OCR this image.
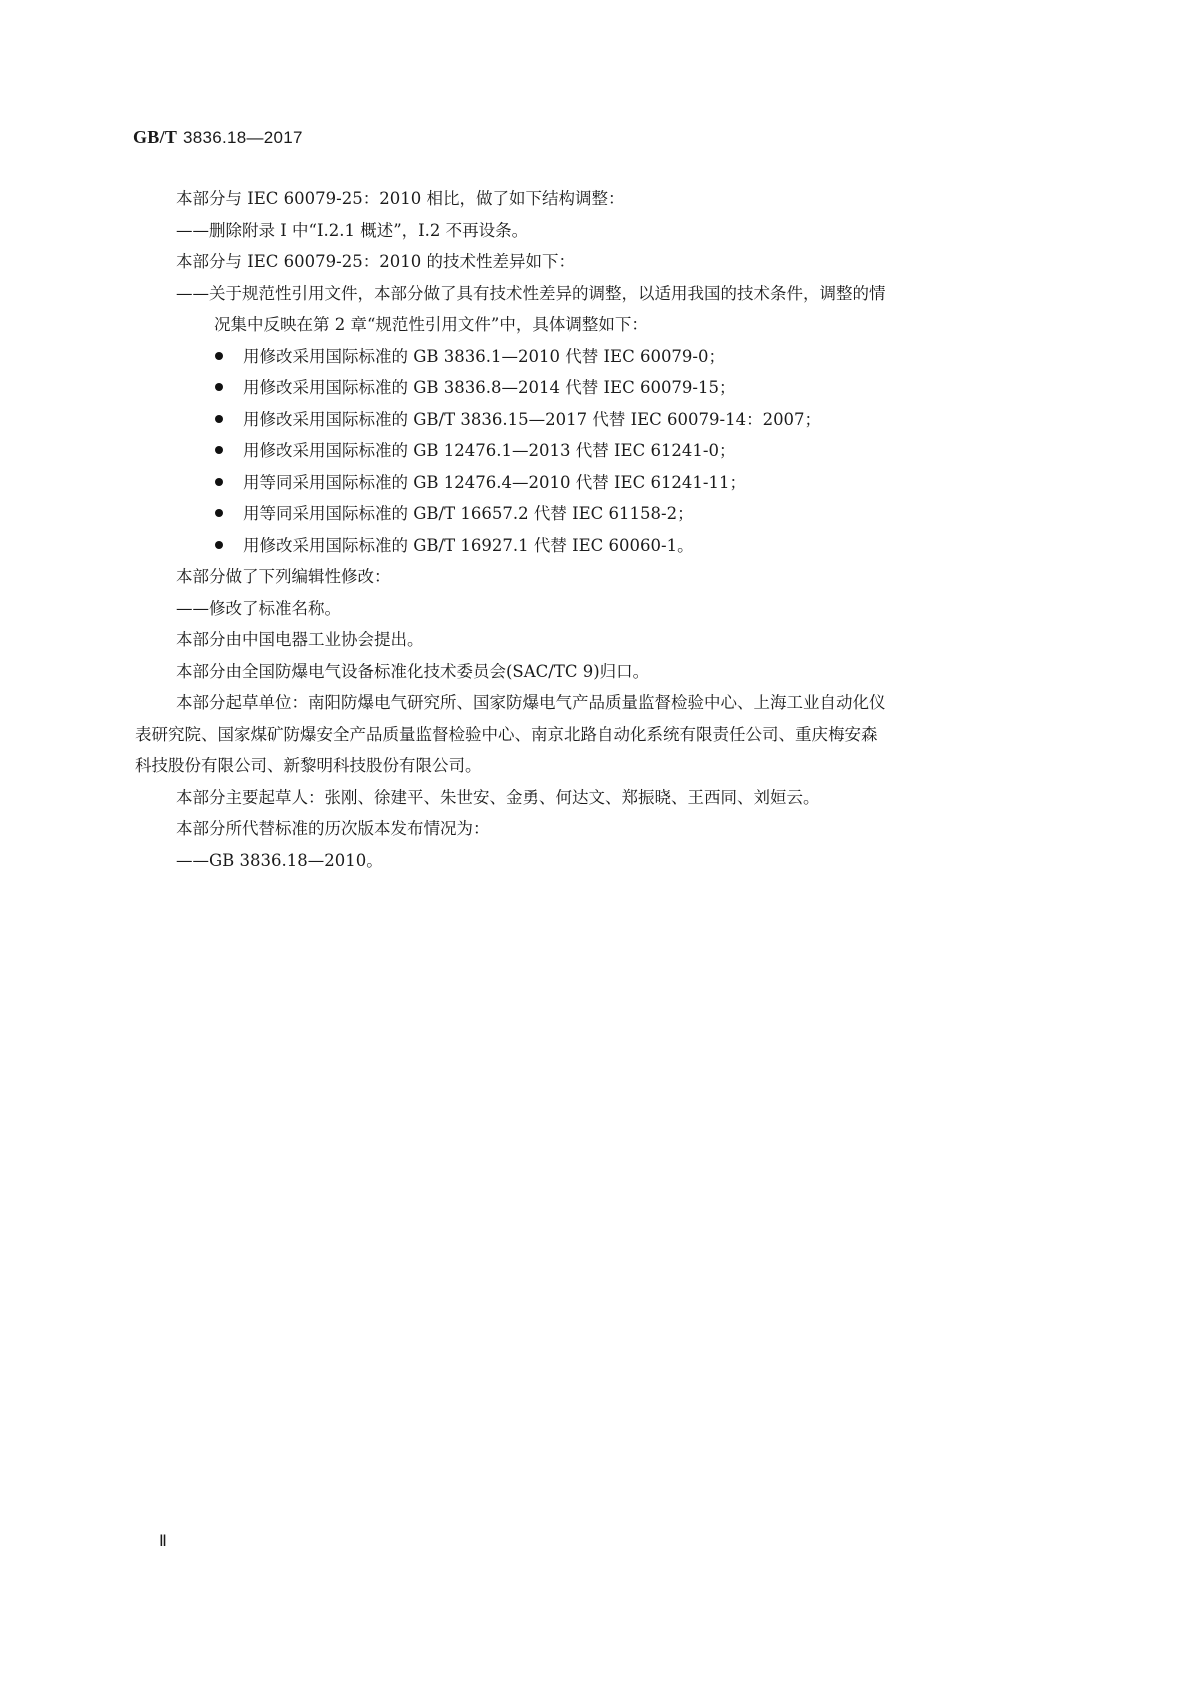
GB/T 3836.18—2017
本部分与 IEC 60079-25：2010 相比，做了如下结构调整：
——删除附录 I 中“I.2.1 概述”，I.2 不再设条。
本部分与 IEC 60079-25：2010 的技术性差异如下：
——关于规范性引用文件，本部分做了具有技术性差异的调整，以适用我国的技术条件，调整的情
况集中反映在第 2 章“规范性引用文件”中，具体调整如下：
用修改采用国际标准的 GB 3836.1—2010 代替 IEC 60079-0；
用修改采用国际标准的 GB 3836.8—2014 代替 IEC 60079-15；
用修改采用国际标准的 GB/T 3836.15—2017 代替 IEC 60079-14：2007；
用修改采用国际标准的 GB 12476.1—2013 代替 IEC 61241-0；
用等同采用国际标准的 GB 12476.4—2010 代替 IEC 61241-11；
用等同采用国际标准的 GB/T 16657.2 代替 IEC 61158-2；
用修改采用国际标准的 GB/T 16927.1 代替 IEC 60060-1。
本部分做了下列编辑性修改：
——修改了标准名称。
本部分由中国电器工业协会提出。
本部分由全国防爆电气设备标准化技术委员会(SAC/TC 9)归口。
本部分起草单位：南阳防爆电气研究所、国家防爆电气产品质量监督检验中心、上海工业自动化仪
表研究院、国家煤矿防爆安全产品质量监督检验中心、南京北路自动化系统有限责任公司、重庆梅安森
科技股份有限公司、新黎明科技股份有限公司。
本部分主要起草人：张刚、徐建平、朱世安、金勇、何达文、郑振晓、王西同、刘姮云。
本部分所代替标准的历次版本发布情况为：
——GB 3836.18—2010。
Ⅱ
